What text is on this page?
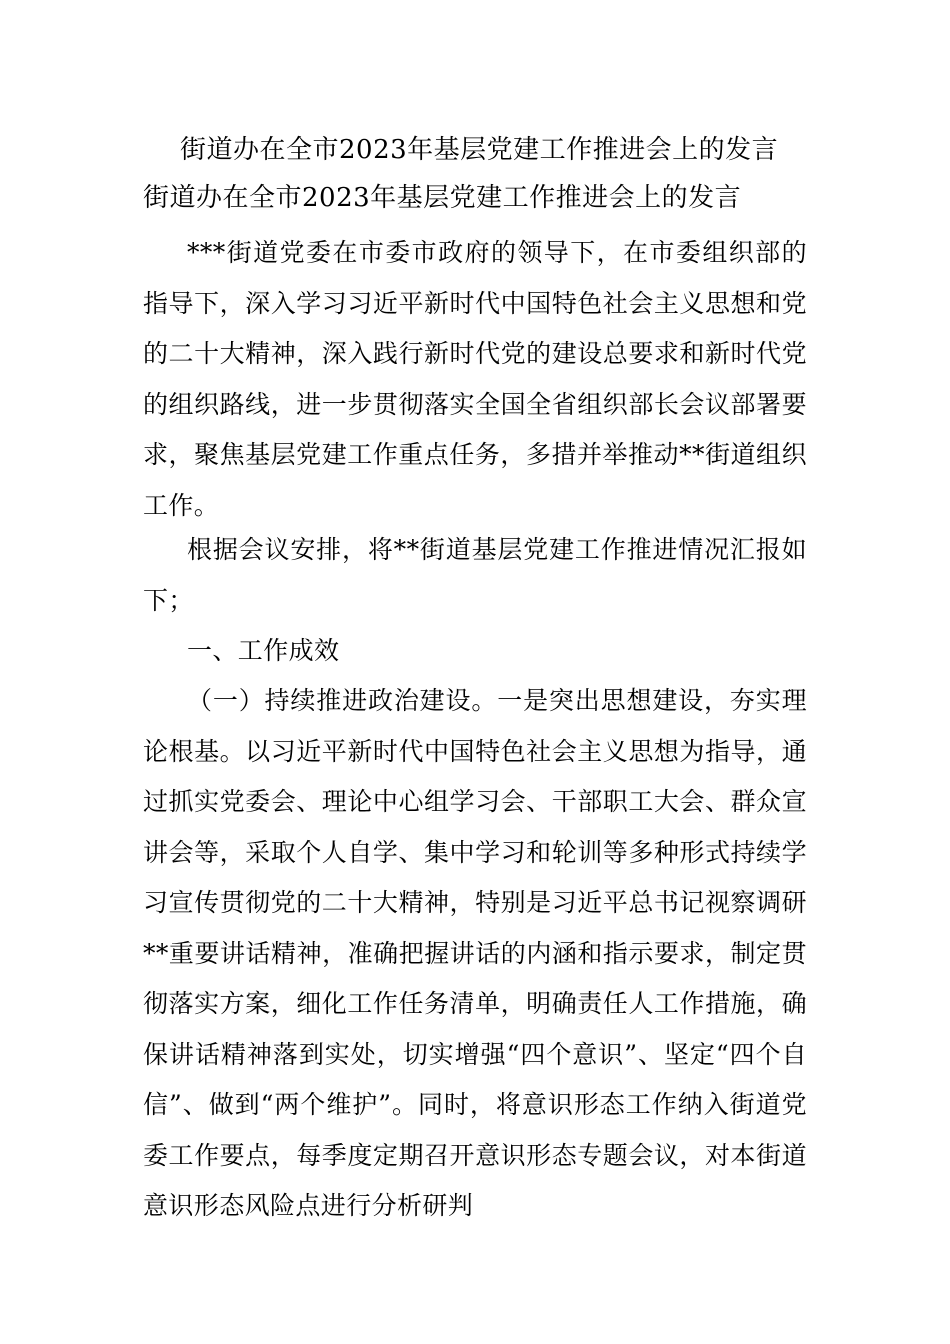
街道办在全市2023年基层党建工作推进会上的发言
街道办在全市2023年基层党建工作推进会上的发言

***街道党委在市委市政府的领导下，在市委组织部的指导下，深入学习习近平新时代中国特色社会主义思想和党的二十大精神，深入践行新时代党的建设总要求和新时代党的组织路线，进一步贯彻落实全国全省组织部长会议部署要求，聚焦基层党建工作重点任务，多措并举推动**街道组织工作。

根据会议安排，将**街道基层党建工作推进情况汇报如下；

一、工作成效

（一）持续推进政治建设。一是突出思想建设，夯实理论根基。以习近平新时代中国特色社会主义思想为指导，通过抓实党委会、理论中心组学习会、干部职工大会、群众宣讲会等，采取个人自学、集中学习和轮训等多种形式持续学习宣传贯彻党的二十大精神，特别是习近平总书记视察调研**重要讲话精神，准确把握讲话的内涵和指示要求，制定贯彻落实方案，细化工作任务清单，明确责任人工作措施，确保讲话精神落到实处，切实增强“四个意识”、坚定“四个自信”、做到“两个维护”。同时，将意识形态工作纳入街道党委工作要点，每季度定期召开意识形态专题会议，对本街道意识形态风险点进行分析研判
